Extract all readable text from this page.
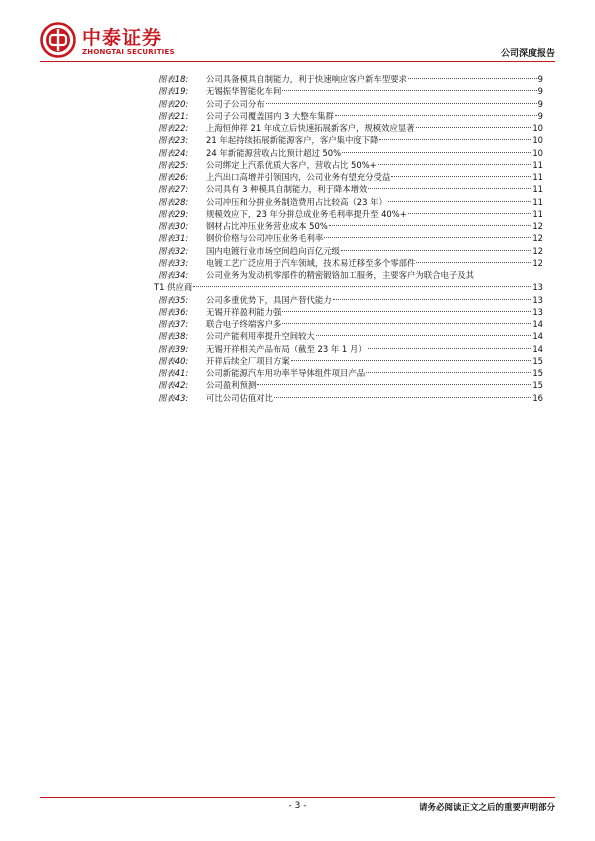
中泰证券
ZHONGTAI SECURITIES	公司深度报告
图表18:	公司具备模具自制能力，利于快速响应客户新车型要求	9
图表19:	无锡振华智能化车间	9
图表20:	公司子公司分布	9
图表21:	公司子公司覆盖国内 3 大整车集群	9
图表22:	上海恒伸祥 21 年成立后快速拓展新客户，规模效应显著	10
图表23:	21 年起持续拓展新能源客户，客户集中度下降	10
图表24:	24 年新能源营收占比预计超过 50%	10
图表25:	公司绑定上汽系优质大客户，营收占比 50%+	11
图表26:	上汽出口高增并引领国内，公司业务有望充分受益	11
图表27:	公司具有 3 种模具自制能力，利于降本增效	11
图表28:	公司冲压和分拼业务制造费用占比较高（23 年）	11
图表29:	规模效应下，23 年分拼总成业务毛利率提升至 40%+	11
图表30:	钢材占比冲压业务营业成本 50%	12
图表31:	钢价价格与公司冲压业务毛利率	12
图表32:	国内电镀行业市场空间趋向百亿元级	12
图表33:	电镀工艺广泛应用于汽车领域，技术易迁移至多个零部件	12
图表34:	公司业务为发动机零部件的精密锻铬加工服务，主要客户为联合电子及其
T1 供应商	13
图表35:	公司多重优势下，具国产替代能力	13
图表36:	无锡开祥盈利能力强	13
图表37:	联合电子终端客户多	14
图表38:	公司产能利用率提升空间较大	14
图表39:	无锡开祥相关产品布局（截至 23 年 1 月）	14
图表40:	开祥后续全厂项目方案	15
图表41:	公司新能源汽车用功率半导体组件项目产品	15
图表42:	公司盈利预测	15
图表43:	可比公司估值对比	16
- 3 -	请务必阅读正文之后的重要声明部分
